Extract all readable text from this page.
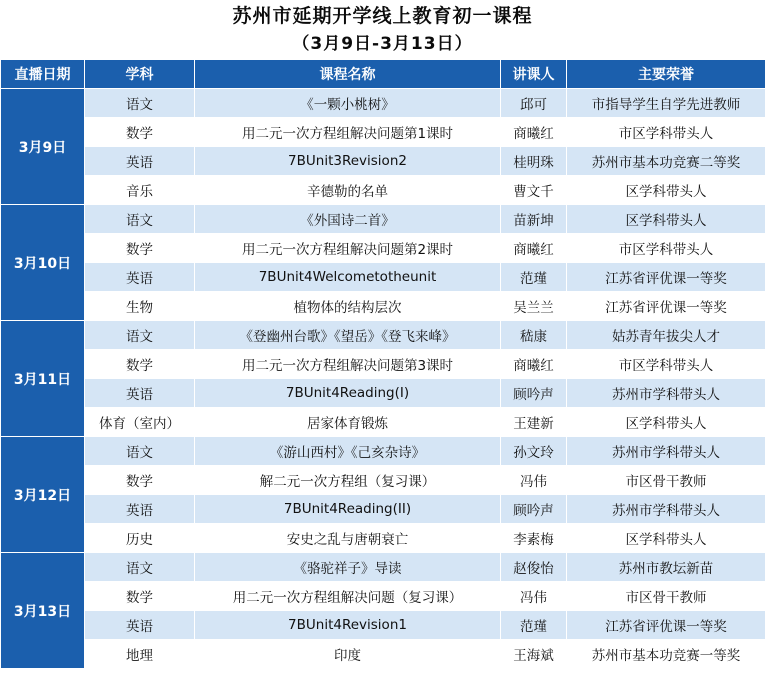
苏州市延期开学线上教育初一课程
（3月9日-3月13日）
直播日期	学科	课程名称	讲课人	主要荣誉
3月9日	语文	《一颗小桃树》	邱可	市指导学生自学先进教师
	数学	用二元一次方程组解决问题第1课时	商曦红	市区学科带头人
	英语	7BUnit3Revision2	桂明珠	苏州市基本功竞赛二等奖
	音乐	辛德勒的名单	曹文千	区学科带头人
3月10日	语文	《外国诗二首》	苗新坤	区学科带头人
	数学	用二元一次方程组解决问题第2课时	商曦红	市区学科带头人
	英语	7BUnit4Welcometotheunit	范瑾	江苏省评优课一等奖
	生物	植物体的结构层次	吴兰兰	江苏省评优课一等奖
3月11日	语文	《登幽州台歌》《望岳》《登飞来峰》	嵇康	姑苏青年拔尖人才
	数学	用二元一次方程组解决问题第3课时	商曦红	市区学科带头人
	英语	7BUnit4Reading(I)	顾吟声	苏州市学科带头人
	体育（室内）	居家体育锻炼	王建新	区学科带头人
3月12日	语文	《游山西村》《己亥杂诗》	孙文玲	苏州市学科带头人
	数学	解二元一次方程组（复习课）	冯伟	市区骨干教师
	英语	7BUnit4Reading(II)	顾吟声	苏州市学科带头人
	历史	安史之乱与唐朝衰亡	李素梅	区学科带头人
3月13日	语文	《骆驼祥子》导读	赵俊怡	苏州市教坛新苗
	数学	用二元一次方程组解决问题（复习课）	冯伟	市区骨干教师
	英语	7BUnit4Revision1	范瑾	江苏省评优课一等奖
	地理	印度	王海斌	苏州市基本功竞赛一等奖
